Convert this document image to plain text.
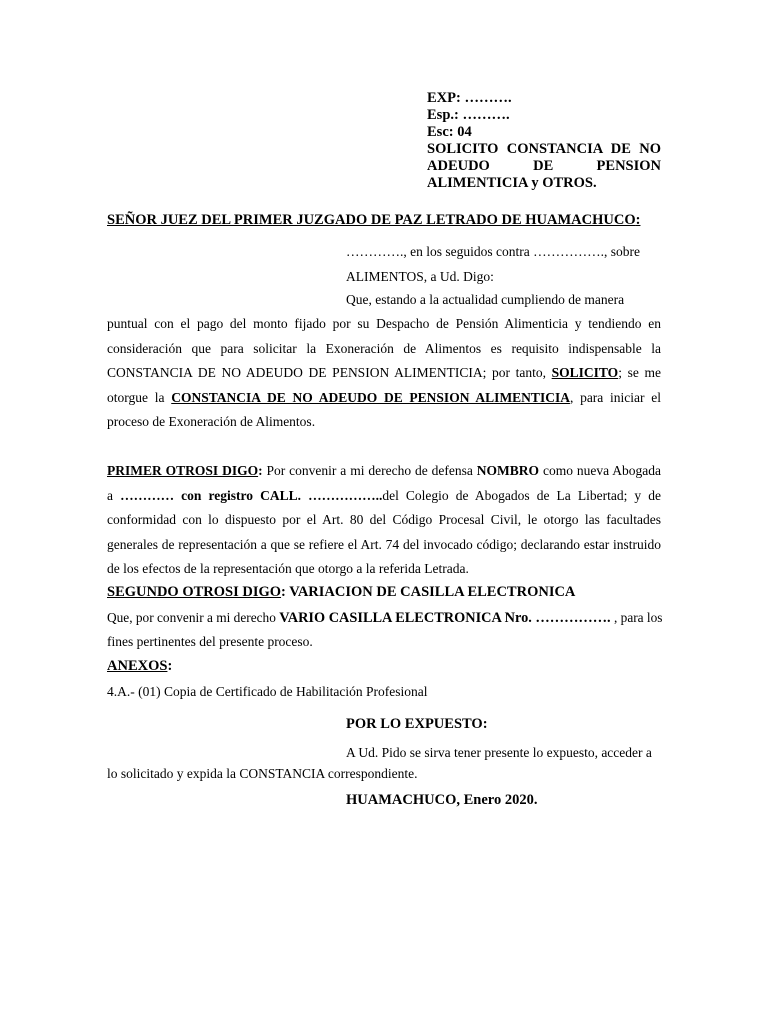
EXP: ……….
Esp.: ……….
Esc: 04
SOLICITO CONSTANCIA DE NO ADEUDO DE PENSION ALIMENTICIA y OTROS.
SEÑOR JUEZ DEL PRIMER JUZGADO DE PAZ LETRADO DE HUAMACHUCO:
…………., en los seguidos contra ……………., sobre
ALIMENTOS, a Ud. Digo:
Que, estando a la actualidad cumpliendo de manera
puntual con el pago del monto fijado por su Despacho de Pensión Alimenticia y tendiendo en consideración que para solicitar la Exoneración de Alimentos es requisito indispensable la CONSTANCIA DE NO ADEUDO DE PENSION ALIMENTICIA; por tanto, SOLICITO; se me otorgue la CONSTANCIA DE NO ADEUDO DE PENSION ALIMENTICIA, para iniciar el proceso de Exoneración de Alimentos.
PRIMER OTROSI DIGO: Por convenir a mi derecho de defensa NOMBRO como nueva Abogada a ………… con registro CALL. ……………..del Colegio de Abogados de La Libertad; y de conformidad con lo dispuesto por el Art. 80 del Código Procesal Civil, le otorgo las facultades generales de representación a que se refiere el Art. 74 del invocado código; declarando estar instruido de los efectos de la representación que otorgo a la referida Letrada.
SEGUNDO OTROSI DIGO: VARIACION DE CASILLA ELECTRONICA
Que, por convenir a mi derecho VARIO CASILLA ELECTRONICA Nro. ……………. , para los
fines pertinentes del presente proceso.
ANEXOS:
4.A.- (01) Copia de Certificado de Habilitación Profesional
POR LO EXPUESTO:
A Ud. Pido se sirva tener presente lo expuesto, acceder a
lo solicitado y expida la CONSTANCIA correspondiente.
HUAMACHUCO, Enero 2020.
